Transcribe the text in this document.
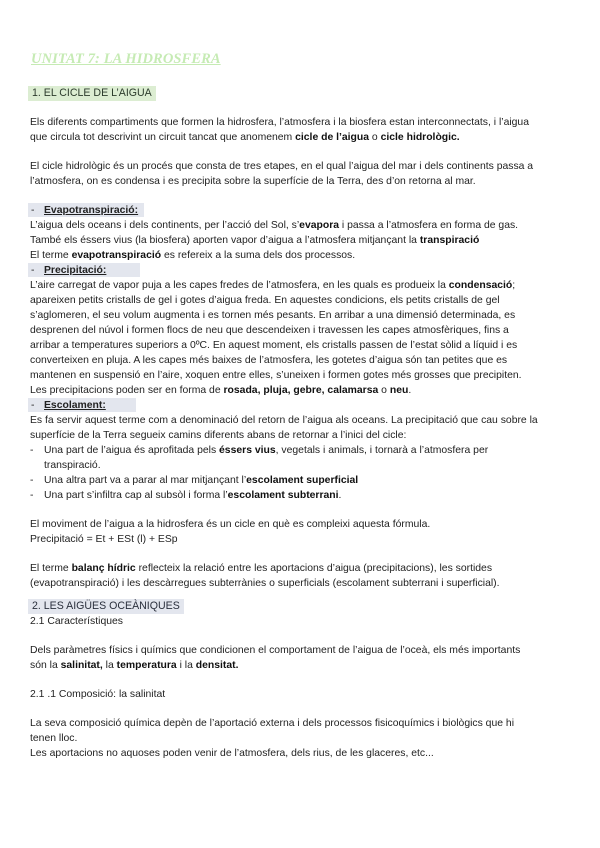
UNITAT 7: LA HIDROSFERA
1. EL CICLE DE L’AIGUA
Els diferents compartiments que formen la hidrosfera, l’atmosfera i la biosfera estan interconnectats, i l’aigua
que circula tot descrivint un circuit tancat que anomenem cicle de l’aigua o cicle hidrològic.
El cicle hidrològic és un procés que consta de tres etapes, en el qual l’aigua del mar i dels continents passa a
l’atmosfera, on es condensa i es precipita sobre la superfície de la Terra, des d’on retorna al mar.
- Evapotranspiració:
L’aigua dels oceans i dels continents, per l’acció del Sol, s’evapora i passa a l’atmosfera en forma de gas.
També els éssers vius (la biosfera) aporten vapor d’aigua a l’atmosfera mitjançant la transpiració
El terme evapotranspiració es refereix a la suma dels dos processos.
- Precipitació:
L’aire carregat de vapor puja a les capes fredes de l’atmosfera, en les quals es produeix la condensació;
apareixen petits cristalls de gel i gotes d’aigua freda. En aquestes condicions, els petits cristalls de gel
s’aglomeren, el seu volum augmenta i es tornen més pesants. En arribar a una dimensió determinada, es
desprenen del núvol i formen flocs de neu que descendeixen i travessen les capes atmosfèriques, fins a
arribar a temperatures superiors a 0ºC. En aquest moment, els cristalls passen de l’estat sòlid a líquid i es
converteixen en pluja. A les capes més baixes de l’atmosfera, les gotetes d’aigua són tan petites que es
mantenen en suspensió en l’aire, xoquen entre elles, s’uneixen i formen gotes més grosses que precipiten.
Les precipitacions poden ser en forma de rosada, pluja, gebre, calamarsa o neu.
- Escolament:
Es fa servir aquest terme com a denominació del retorn de l’aigua als oceans. La precipitació que cau sobre la
superfície de la Terra segueix camins diferents abans de retornar a l’inici del cicle:
- Una part de l’aigua és aprofitada pels éssers vius, vegetals i animals, i tornarà a l’atmosfera per
transpiració.
- Una altra part va a parar al mar mitjançant l’escolament superficial
- Una part s’infiltra cap al subsòl i forma l’escolament subterrani.
El moviment de l’aigua a la hidrosfera és un cicle en què es compleixi aquesta fórmula.
Precipitació = Et + ESt (l) + ESp
El terme balanç hídric reflecteix la relació entre les aportacions d’aigua (precipitacions), les sortides
(evapotranspiració) i les descàrregues subterrànies o superficials (escolament subterrani i superficial).
2. LES AIGÜES OCEÀNIQUES
2.1 Característiques
Dels paràmetres físics i químics que condicionen el comportament de l’aigua de l’oceà, els més importants
són la salinitat, la temperatura i la densitat.
2.1 .1 Composició: la salinitat
La seva composició química depèn de l’aportació externa i dels processos fisicoquímics i biològics que hi
tenen lloc.
Les aportacions no aquoses poden venir de l’atmosfera, dels rius, de les glaceres, etc...
